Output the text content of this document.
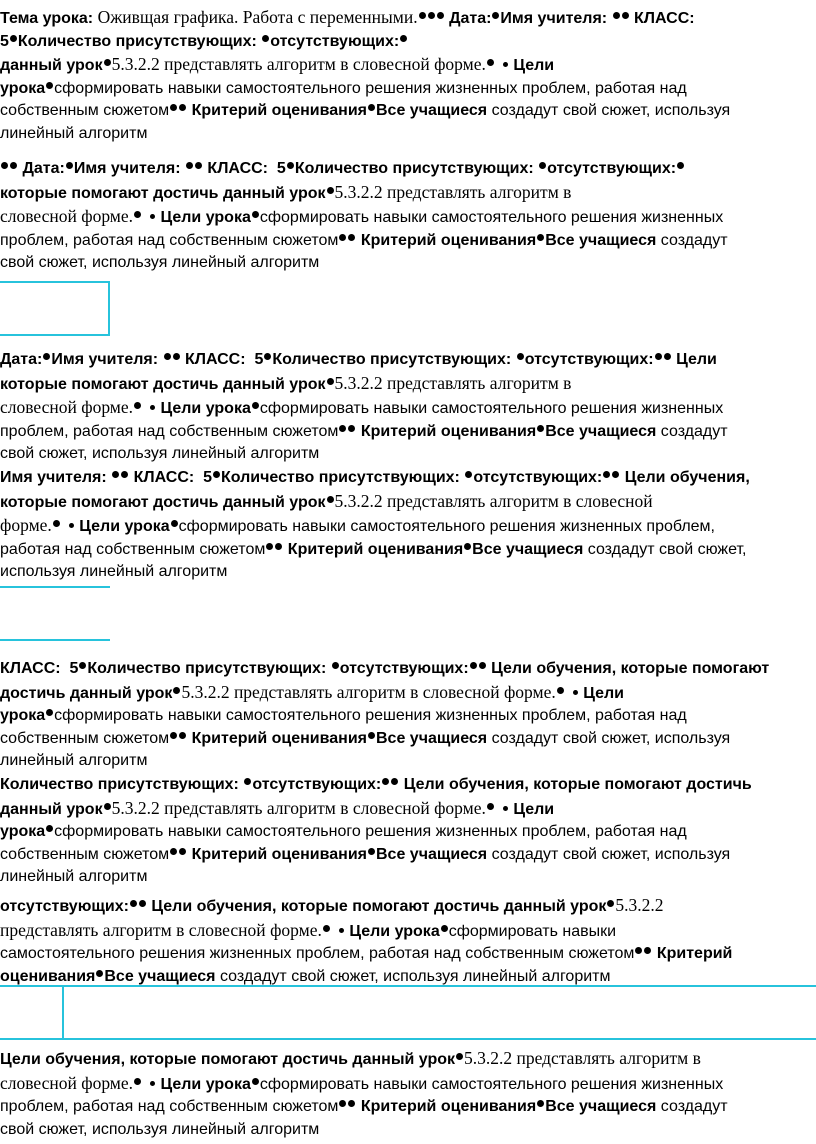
Тема урока: Оживщая графика. Работа с переменными. Дата: Имя учителя: КЛАСС:
5 Количество присутствующих: отсутствующих:
данный урок 5.3.2.2 представлять алгоритм в словесной форме. Цели
урока сформировать навыки самостоятельного решения жизненных проблем, работая над
собственным сюжетом Критерий оценивания Все учащиеся создадут свой сюжет, используя
линейный алгоритм
Дата: Имя учителя: КЛАСС: 5 Количество присутствующих: отсутствующих:
которые помогают достичь данный урок 5.3.2.2 представлять алгоритм в
словесной форме. Цели урока сформировать навыки самостоятельного решения жизненных
проблем, работая над собственным сюжетом Критерий оценивания Все учащиеся создадут
свой сюжет, используя линейный алгоритм
Дата: Имя учителя: КЛАСС: 5 Количество присутствующих: отсутствующих: Цели
которые помогают достичь данный урок 5.3.2.2 представлять алгоритм в
словесной форме. Цели урока сформировать навыки самостоятельного решения жизненных
проблем, работая над собственным сюжетом Критерий оценивания Все учащиеся создадут
свой сюжет, используя линейный алгоритм
Имя учителя: КЛАСС: 5 Количество присутствующих: отсутствующих: Цели обучения,
которые помогают достичь данный урок 5.3.2.2 представлять алгоритм в словесной
форме. Цели урока сформировать навыки самостоятельного решения жизненных проблем,
работая над собственным сюжетом Критерий оценивания Все учащиеся создадут свой сюжет,
используя линейный алгоритм
КЛАСС: 5 Количество присутствующих: отсутствующих: Цели обучения, которые помогают
достичь данный урок 5.3.2.2 представлять алгоритм в словесной форме. Цели
урока сформировать навыки самостоятельного решения жизненных проблем, работая над
собственным сюжетом Критерий оценивания Все учащиеся создадут свой сюжет, используя
линейный алгоритм
Количество присутствующих: отсутствующих: Цели обучения, которые помогают достичь
данный урок 5.3.2.2 представлять алгоритм в словесной форме. Цели
урока сформировать навыки самостоятельного решения жизненных проблем, работая над
собственным сюжетом Критерий оценивания Все учащиеся создадут свой сюжет, используя
линейный алгоритм
отсутствующих: Цели обучения, которые помогают достичь данный урок 5.3.2.2
представлять алгоритм в словесной форме. Цели урока сформировать навыки
самостоятельного решения жизненных проблем, работая над собственным сюжетом Критерий
оценивания Все учащиеся создадут свой сюжет, используя линейный алгоритм
Цели обучения, которые помогают достичь данный урок 5.3.2.2 представлять алгоритм в
словесной форме. Цели урока сформировать навыки самостоятельного решения жизненных
проблем, работая над собственным сюжетом Критерий оценивания Все учащиеся создадут
свой сюжет, используя линейный алгоритм
